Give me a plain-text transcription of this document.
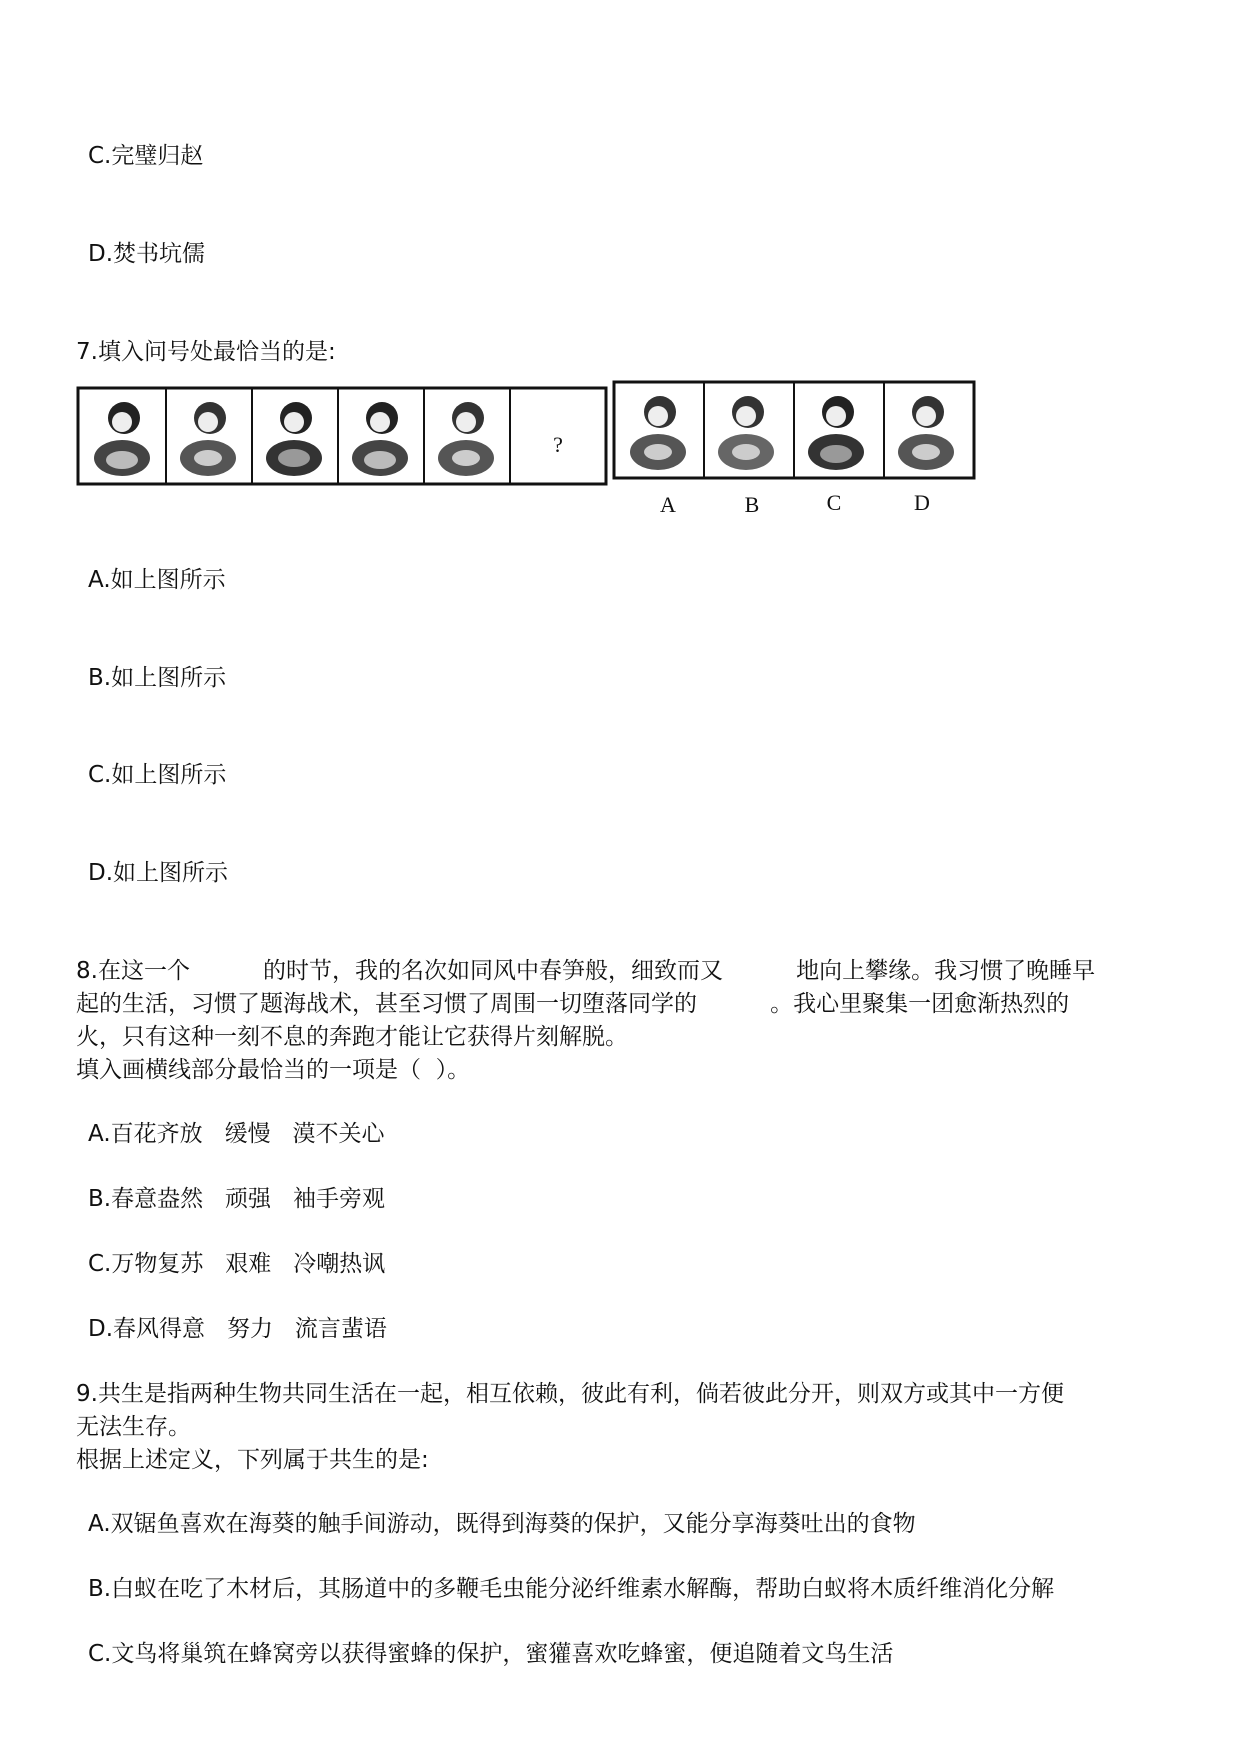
C.完璧归赵
D.焚书坑儒
7.填入问号处最恰当的是:
?
A	B	C	D
A.如上图所示
B.如上图所示
C.如上图所示
D.如上图所示
8.在这一个          的时节，我的名次如同风中春笋般，细致而又          地向上攀缘。我习惯了晚睡早
起的生活，习惯了题海战术，甚至习惯了周围一切堕落同学的          。我心里聚集一团愈渐热烈的
火，只有这种一刻不息的奔跑才能让它获得片刻解脱。
填入画横线部分最恰当的一项是（  ）。
A.百花齐放   缓慢   漠不关心
B.春意盎然   顽强   袖手旁观
C.万物复苏   艰难   冷嘲热讽
D.春风得意   努力   流言蜚语
9.共生是指两种生物共同生活在一起，相互依赖，彼此有利，倘若彼此分开，则双方或其中一方便
无法生存。
根据上述定义，下列属于共生的是:
A.双锯鱼喜欢在海葵的触手间游动，既得到海葵的保护，又能分享海葵吐出的食物
B.白蚁在吃了木材后，其肠道中的多鞭毛虫能分泌纤维素水解酶，帮助白蚁将木质纤维消化分解
C.文鸟将巢筑在蜂窝旁以获得蜜蜂的保护，蜜獾喜欢吃蜂蜜，便追随着文鸟生活
